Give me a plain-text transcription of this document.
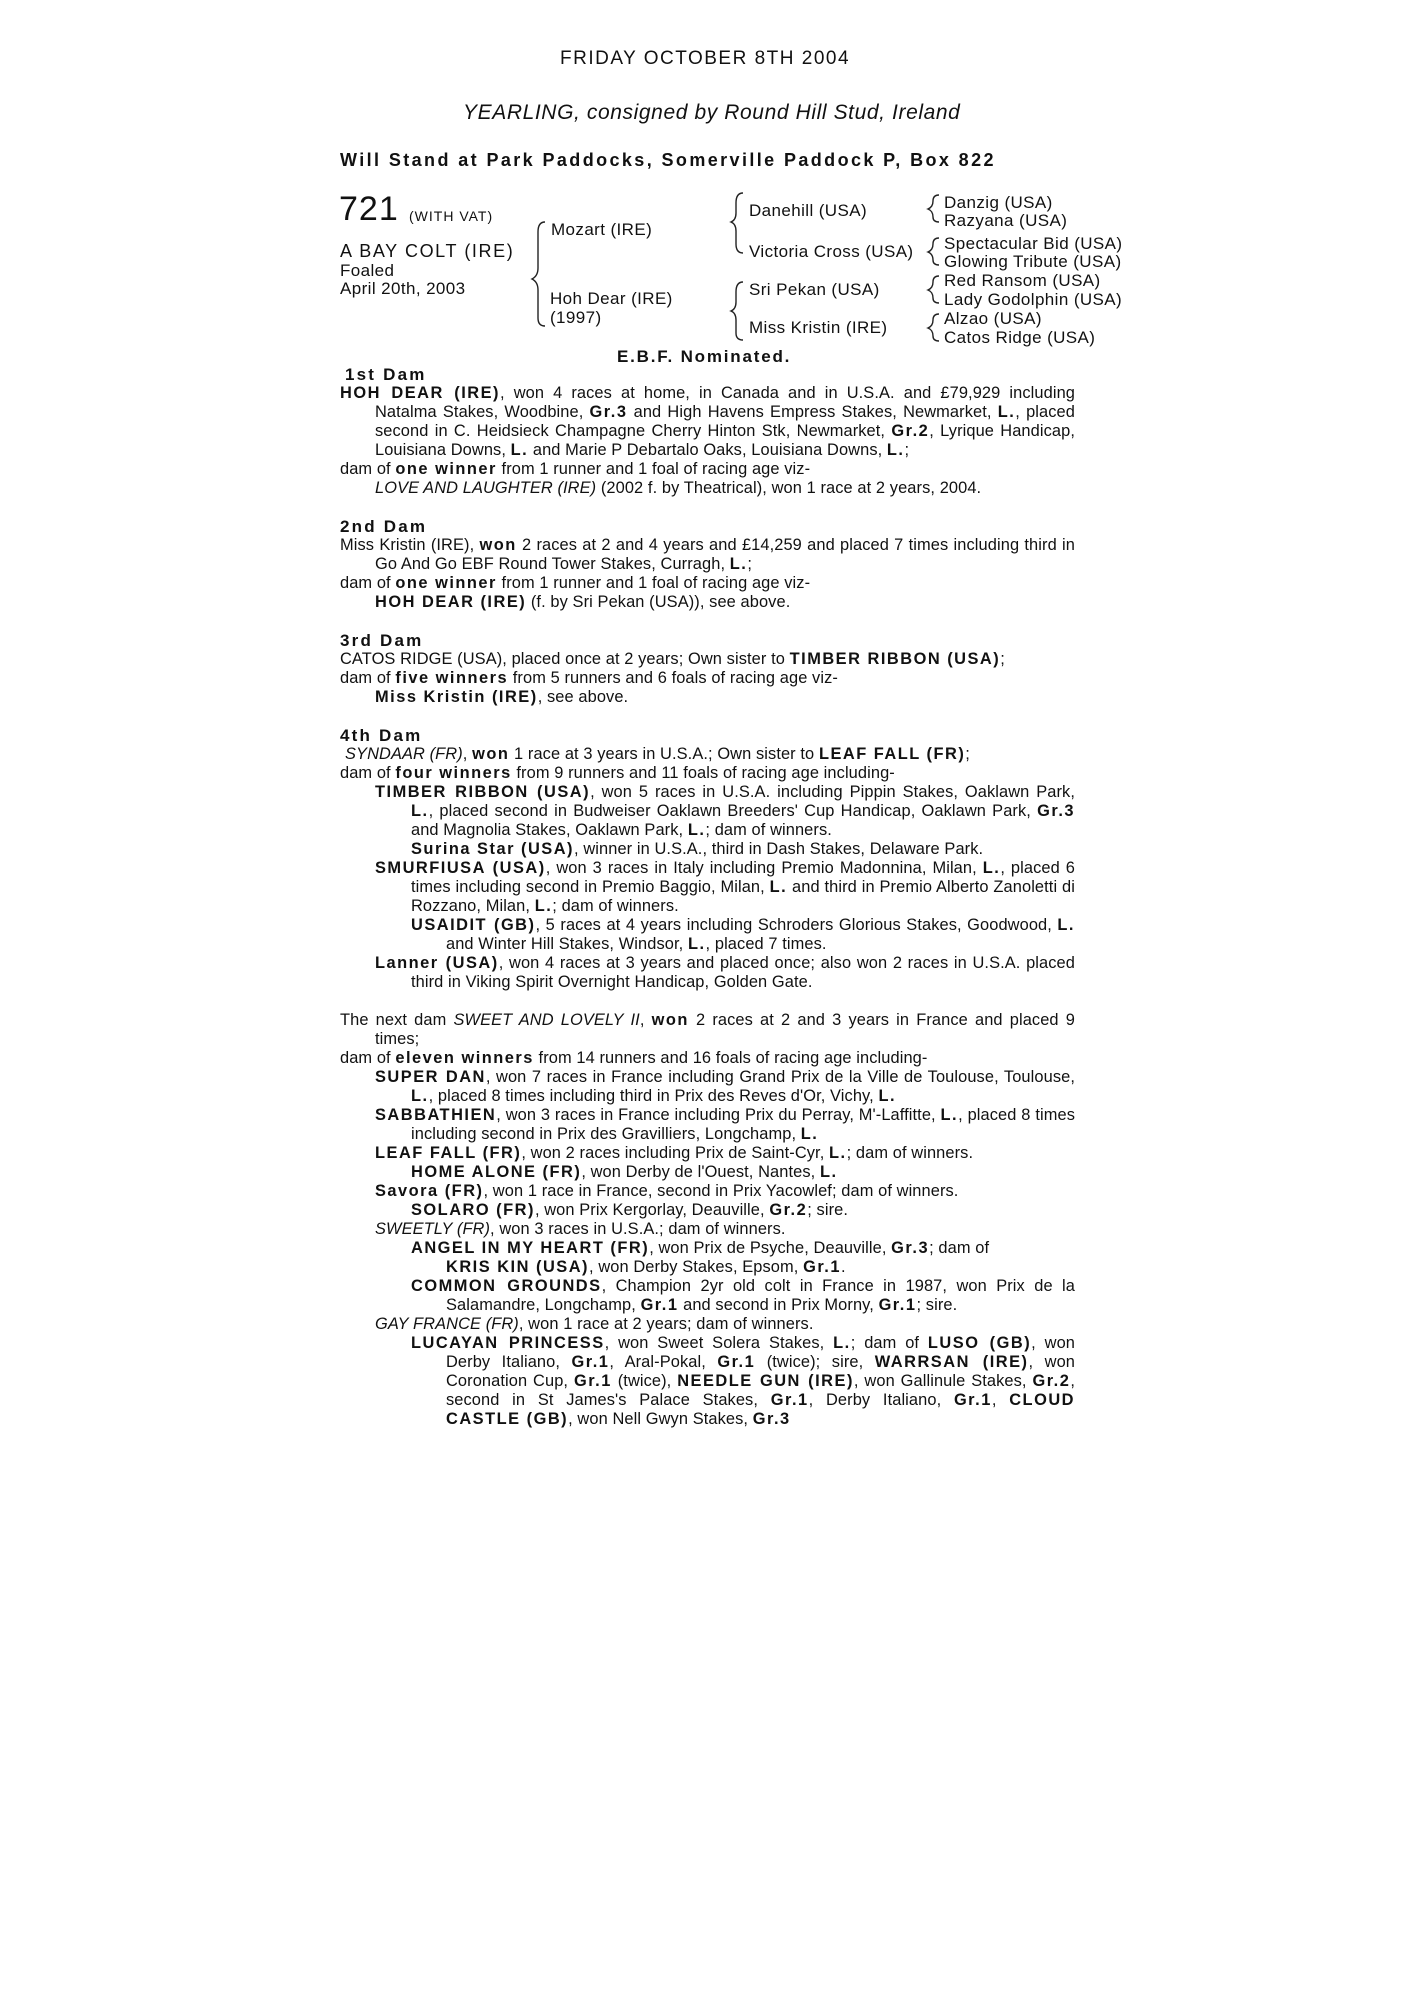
FRIDAY OCTOBER 8TH 2004
YEARLING, consigned by Round Hill Stud, Ireland
Will Stand at Park Paddocks, Somerville Paddock P, Box 822
721 (WITH VAT)
A BAY COLT (IRE)
Foaled
April 20th, 2003
Mozart (IRE)
Hoh Dear (IRE)
(1997)
Danehill (USA)
Victoria Cross (USA)
Sri Pekan (USA)
Miss Kristin (IRE)
Danzig (USA)
Razyana (USA)
Spectacular Bid (USA)
Glowing Tribute (USA)
Red Ransom (USA)
Lady Godolphin (USA)
Alzao (USA)
Catos Ridge (USA)
E.B.F. Nominated.

1st Dam

HOH DEAR (IRE), won 4 races at home, in Canada and in U.S.A. and £79,929 including Natalma Stakes, Woodbine, Gr.3 and High Havens Empress Stakes, Newmarket, L., placed second in C. Heidsieck Champagne Cherry Hinton Stk, Newmarket, Gr.2, Lyrique Handicap, Louisiana Downs, L. and Marie P Debartalo Oaks, Louisiana Downs, L.;

dam of one winner from 1 runner and 1 foal of racing age viz-

LOVE AND LAUGHTER (IRE) (2002 f. by Theatrical), won 1 race at 2 years, 2004.

2nd Dam

Miss Kristin (IRE), won 2 races at 2 and 4 years and £14,259 and placed 7 times including third in Go And Go EBF Round Tower Stakes, Curragh, L.;

dam of one winner from 1 runner and 1 foal of racing age viz-

HOH DEAR (IRE) (f. by Sri Pekan (USA)), see above.

3rd Dam

CATOS RIDGE (USA), placed once at 2 years; Own sister to TIMBER RIBBON (USA);

dam of five winners from 5 runners and 6 foals of racing age viz-

Miss Kristin (IRE), see above.

4th Dam

SYNDAAR (FR), won 1 race at 3 years in U.S.A.; Own sister to LEAF FALL (FR);

dam of four winners from 9 runners and 11 foals of racing age including-

TIMBER RIBBON (USA), won 5 races in U.S.A. including Pippin Stakes, Oaklawn Park, L., placed second in Budweiser Oaklawn Breeders' Cup Handicap, Oaklawn Park, Gr.3 and Magnolia Stakes, Oaklawn Park, L.; dam of winners.

Surina Star (USA), winner in U.S.A., third in Dash Stakes, Delaware Park.

SMURFIUSA (USA), won 3 races in Italy including Premio Madonnina, Milan, L., placed 6 times including second in Premio Baggio, Milan, L. and third in Premio Alberto Zanoletti di Rozzano, Milan, L.; dam of winners.

USAIDIT (GB), 5 races at 4 years including Schroders Glorious Stakes, Goodwood, L. and Winter Hill Stakes, Windsor, L., placed 7 times.

Lanner (USA), won 4 races at 3 years and placed once; also won 2 races in U.S.A. placed third in Viking Spirit Overnight Handicap, Golden Gate.

The next dam SWEET AND LOVELY II, won 2 races at 2 and 3 years in France and placed 9 times;

dam of eleven winners from 14 runners and 16 foals of racing age including-

SUPER DAN, won 7 races in France including Grand Prix de la Ville de Toulouse, Toulouse, L., placed 8 times including third in Prix des Reves d'Or, Vichy, L.

SABBATHIEN, won 3 races in France including Prix du Perray, M'-Laffitte, L., placed 8 times including second in Prix des Gravilliers, Longchamp, L.

LEAF FALL (FR), won 2 races including Prix de Saint-Cyr, L.; dam of winners.

HOME ALONE (FR), won Derby de l'Ouest, Nantes, L.

Savora (FR), won 1 race in France, second in Prix Yacowlef; dam of winners.

SOLARO (FR), won Prix Kergorlay, Deauville, Gr.2; sire.

SWEETLY (FR), won 3 races in U.S.A.; dam of winners.

ANGEL IN MY HEART (FR), won Prix de Psyche, Deauville, Gr.3; dam of

KRIS KIN (USA), won Derby Stakes, Epsom, Gr.1.

COMMON GROUNDS, Champion 2yr old colt in France in 1987, won Prix de la Salamandre, Longchamp, Gr.1 and second in Prix Morny, Gr.1; sire.

GAY FRANCE (FR), won 1 race at 2 years; dam of winners.

LUCAYAN PRINCESS, won Sweet Solera Stakes, L.; dam of LUSO (GB), won Derby Italiano, Gr.1, Aral-Pokal, Gr.1 (twice); sire, WARRSAN (IRE), won Coronation Cup, Gr.1 (twice), NEEDLE GUN (IRE), won Gallinule Stakes, Gr.2, second in St James's Palace Stakes, Gr.1, Derby Italiano, Gr.1, CLOUD CASTLE (GB), won Nell Gwyn Stakes, Gr.3
